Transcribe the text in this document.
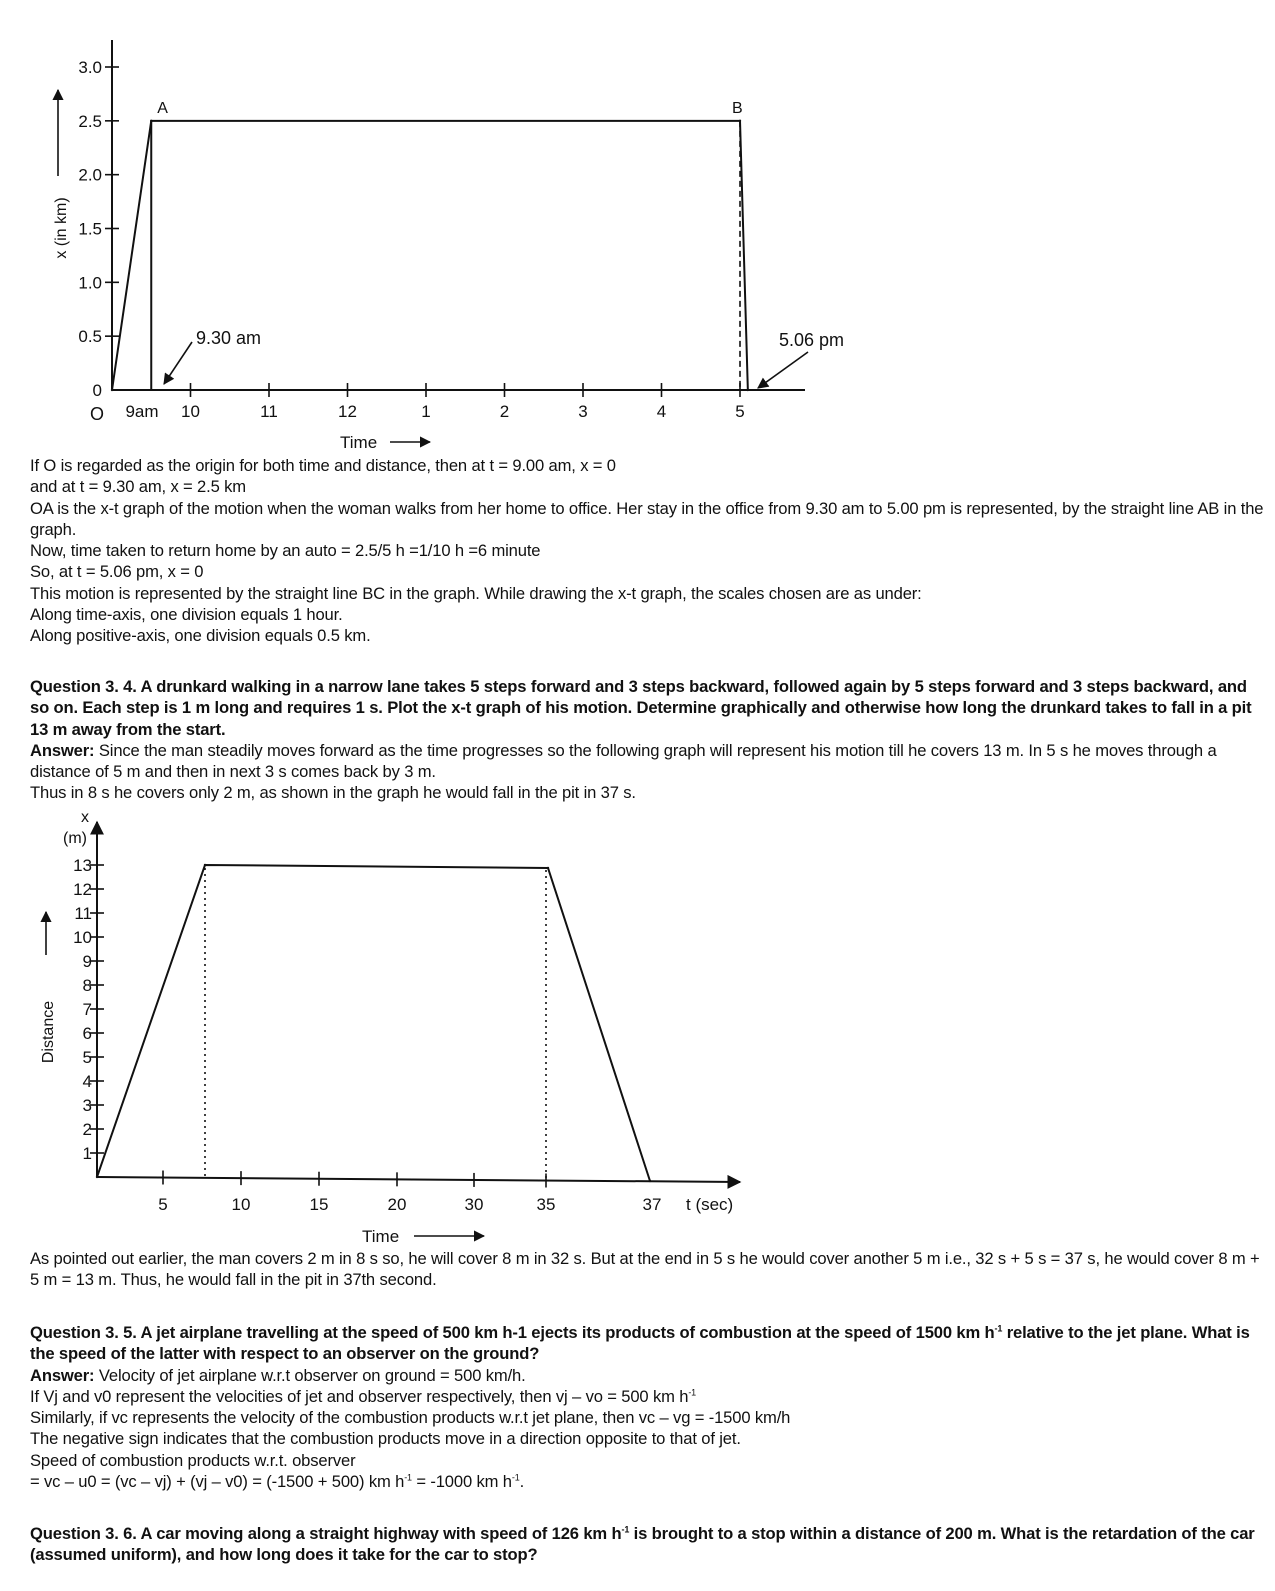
0
0.5
1.0
1.5
2.0
2.5
3.0
9am 10	11	12	1	2	3	4	5
A	B
9.30 am	5.06 pm
x (in km)
Time
O

If O is regarded as the origin for both time and distance, then at t = 9.00 am, x = 0

and at t = 9.30 am, x = 2.5 km

OA is the x-t graph of the motion when the woman walks from her home to office. Her stay in the office from 9.30 am to 5.00 pm is represented, by the straight line AB in the graph.

Now, time taken to return home by an auto = 2.5/5 h =1/10 h =6 minute

So, at t = 5.06 pm, x = 0

This motion is represented by the straight line BC in the graph. While drawing the x-t graph, the scales chosen are as under:

Along time-axis, one division equals 1 hour.

Along positive-axis, one division equals 0.5 km.

Question 3. 4. A drunkard walking in a narrow lane takes 5 steps forward and 3 steps backward, followed again by 5 steps forward and 3 steps backward, and so on. Each step is 1 m long and requires 1 s. Plot the x-t graph of his motion. Determine graphically and otherwise how long the drunkard takes to fall in a pit 13 m away from the start.

Answer: Since the man steadily moves forward as the time progresses so the following graph will represent his motion till he covers 13 m. In 5 s he moves through a distance of 5 m and then in next 3 s comes back by 3 m.

Thus in 8 s he covers only 2 m, as shown in the graph he would fall in the pit in 37 s.

1
2
3
4
5
6
7
8
9
10
11
12
13
5	10	15	20	30	35	37
x
(m)
Distance
t (sec)
Time

As pointed out earlier, the man covers 2 m in 8 s so, he will cover 8 m in 32 s. But at the end in 5 s he would cover another 5 m i.e., 32 s + 5 s = 37 s, he would cover 8 m + 5 m = 13 m. Thus, he would fall in the pit in 37th second.

Question 3. 5. A jet airplane travelling at the speed of 500 km h-1 ejects its products of combustion at the speed of 1500 km $h^{-1}$ relative to the jet plane. What is the speed of the latter with respect to an observer on the ground?

Answer: Velocity of jet airplane w.r.t observer on ground = 500 km/h.

If Vj and v0 represent the velocities of jet and observer respectively, then vj – vo = 500 km $h^{-1}$

Similarly, if vc represents the velocity of the combustion products w.r.t jet plane, then vc – vg = -1500 km/h

The negative sign indicates that the combustion products move in a direction opposite to that of jet.

Speed of combustion products w.r.t. observer

= vc – u0 = (vc – vj) + (vj – v0) = (-1500 + 500) km $h^{-1} = -1000$ km $h^{-1}$.

Question 3. 6. A car moving along a straight highway with speed of 126 km $h^{-1}$ is brought to a stop within a distance of 200 m. What is the retardation of the car (assumed uniform), and how long does it take for the car to stop?
